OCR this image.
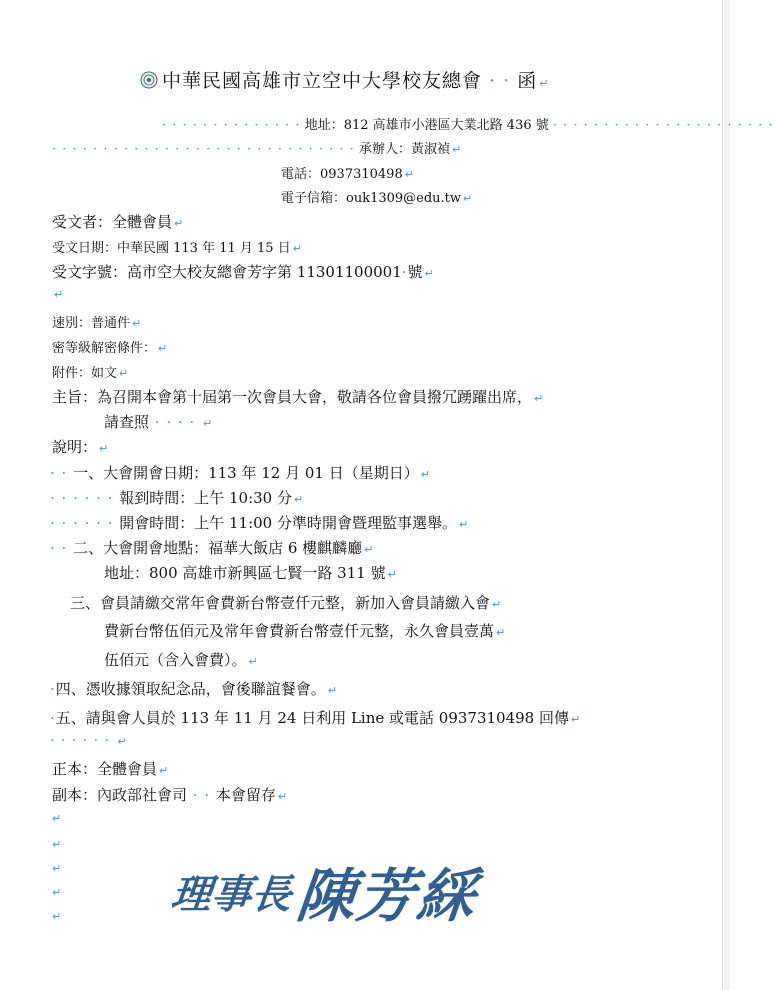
中華民國高雄市立空中大學校友總會 · · 函 ↵
· · · · · · · · · · · · · · 地址：812 高雄市小港區大業北路 436 號 · · · · · · · · · · · · · · · · · · · · · ·
· · · · · · · · · · · · · · · · · · · · · · · · · · · · · · 承辦人：黃淑禎 ↵
電話：0937310498 ↵
電子信箱：ouk1309@edu.tw ↵
受文者：全體會員 ↵
受文日期：中華民國 113 年 11 月 15 日 ↵
受文字號：高市空大校友總會芳字第 11301100001·號 ↵
↵
速別：普通件 ↵
密等級解密條件： ↵
附件：如文 ↵
主旨：為召開本會第十屆第一次會員大會，敬請各位會員撥冗踴躍出席， ↵
請查照 · · · · ↵
說明： ↵
· · 一、大會開會日期：113 年 12 月 01 日（星期日） ↵
· · · · · · 報到時間：上午 10:30 分 ↵
· · · · · · 開會時間：上午 11:00 分準時開會暨理監事選舉。 ↵
· · 二、大會開會地點：福華大飯店 6 樓麒麟廳 ↵
地址：800 高雄市新興區七賢一路 311 號 ↵
三、會員請繳交常年會費新台幣壹仟元整，新加入會員請繳入會 ↵
費新台幣伍佰元及常年會費新台幣壹仟元整，永久會員壹萬 ↵
伍佰元（含入會費）。 ↵
·四、憑收據領取紀念品，會後聯誼餐會。 ↵
·五、請與會人員於 113 年 11 月 24 日利用 Line 或電話 0937310498 回傳 ↵
· · · · · · ↵
正本：全體會員 ↵
副本：內政部社會司 · · 本會留存 ↵
↵
↵
↵
↵
↵	理事長 陳芳綵
